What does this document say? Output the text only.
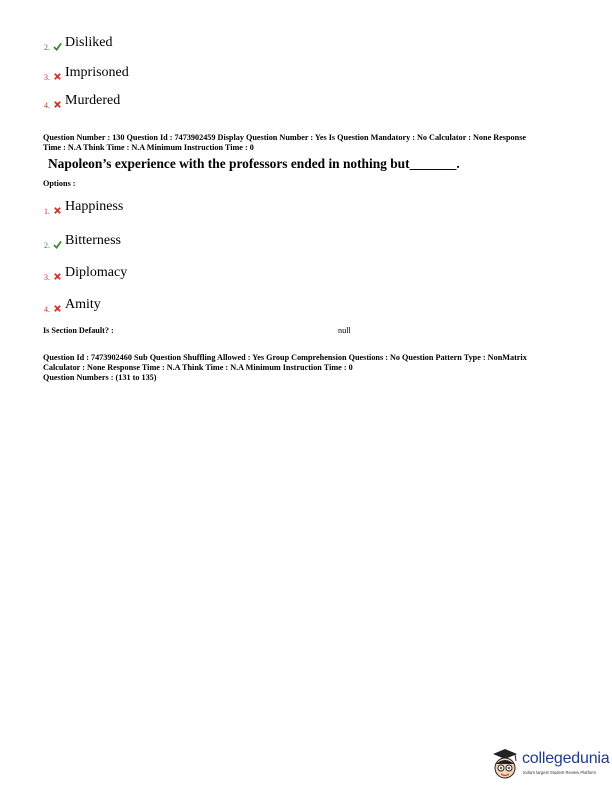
2. Disliked
3. Imprisoned
4. Murdered
Question Number : 130 Question Id : 7473902459 Display Question Number : Yes Is Question Mandatory : No Calculator : None Response
Time : N.A Think Time : N.A Minimum Instruction Time : 0
Napoleon’s experience with the professors ended in nothing but_______.
Options :
1. Happiness
2. Bitterness
3. Diplomacy
4. Amity
Is Section Default? :	null
Question Id : 7473902460 Sub Question Shuffling Allowed : Yes Group Comprehension Questions : No Question Pattern Type : NonMatrix
Calculator : None Response Time : N.A Think Time : N.A Minimum Instruction Time : 0
Question Numbers : (131 to 135)
collegedunia
India's largest Student Review Platform
